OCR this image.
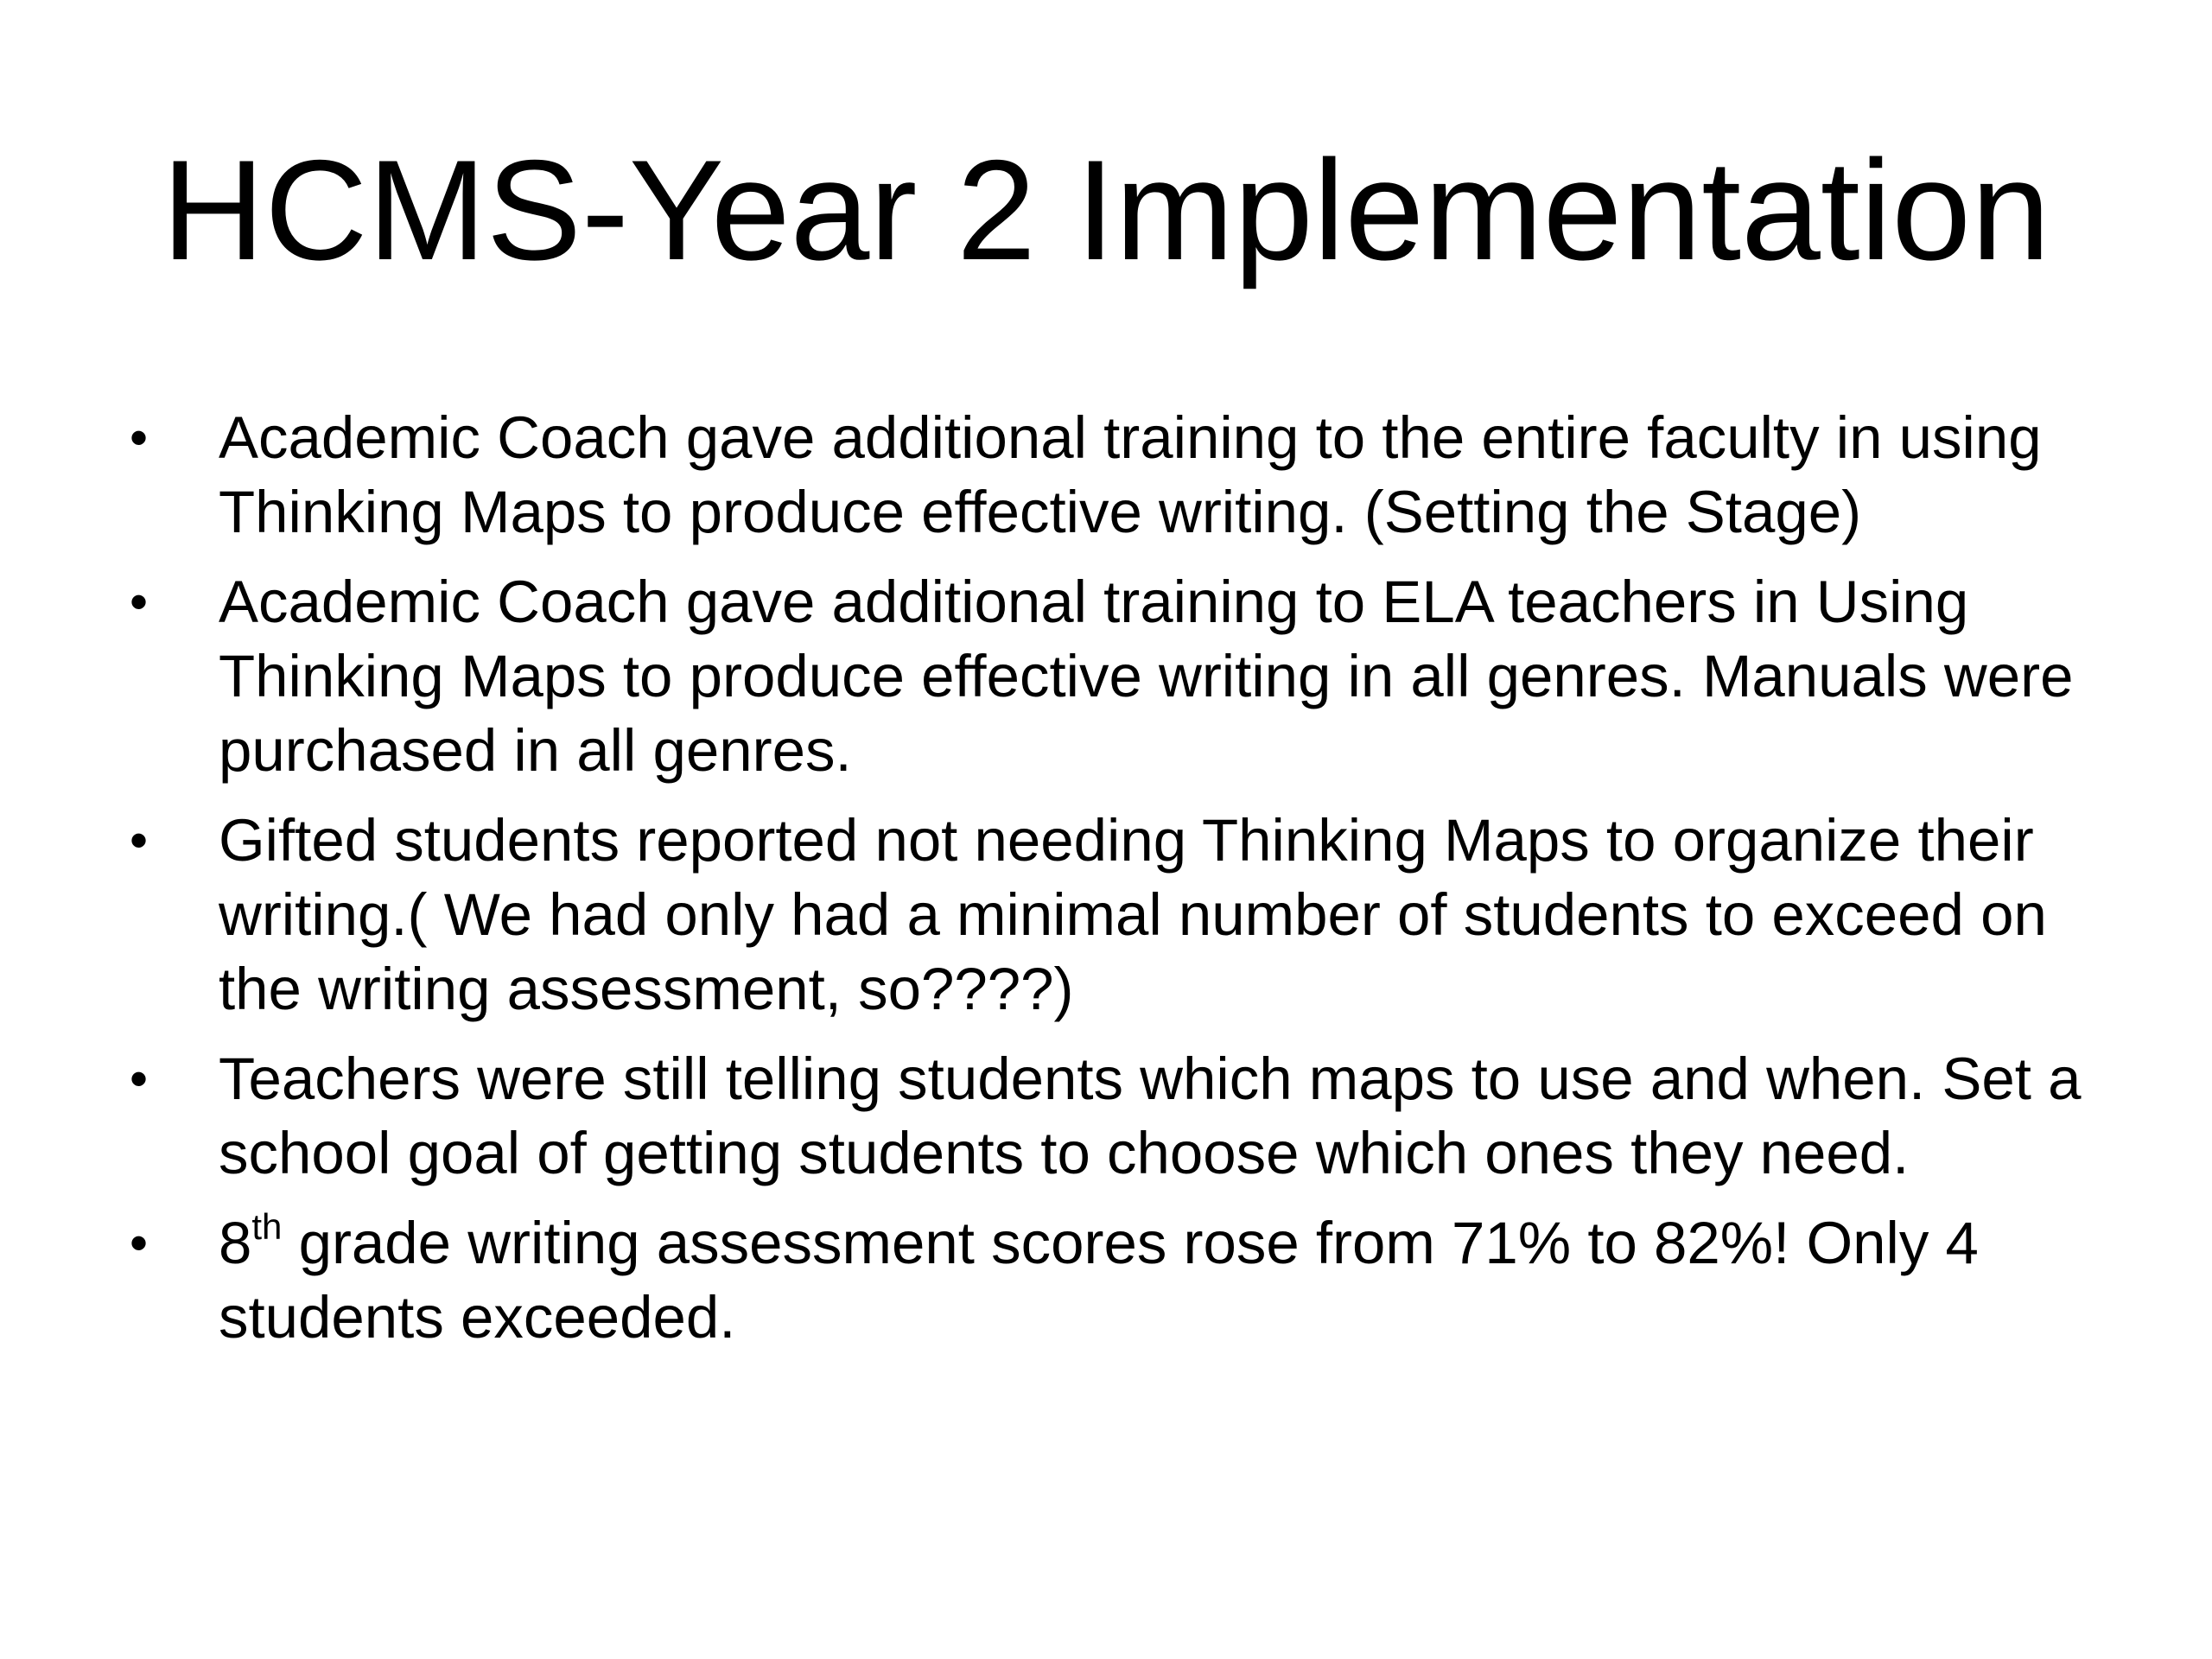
HCMS-Year 2 Implementation
• Academic Coach gave additional training to the entire faculty in using Thinking Maps to produce effective writing. (Setting the Stage)
• Academic Coach gave additional training to ELA teachers in Using Thinking Maps to produce effective writing in all genres. Manuals were purchased in all genres.
• Gifted students reported not needing Thinking Maps to organize their writing.( We had only had a minimal number of students to exceed on the writing assessment, so????)
• Teachers were still telling students which maps to use and when. Set a school goal of getting students to choose which ones they need.
• 8th grade writing assessment scores rose from 71% to 82%! Only 4 students exceeded.
